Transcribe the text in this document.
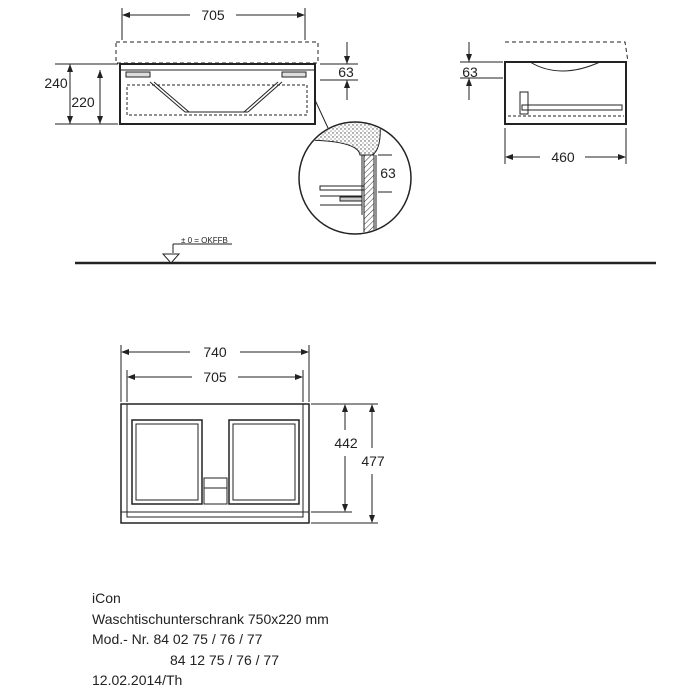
705
240
220
63
63
63
460
± 0 = OKFFB
740
705
442
477
iCon
Waschtischunterschrank 750x220 mm
Mod.- Nr. 84 02 75 / 76 / 77
84 12 75 / 76 / 77
12.02.2014/Th
